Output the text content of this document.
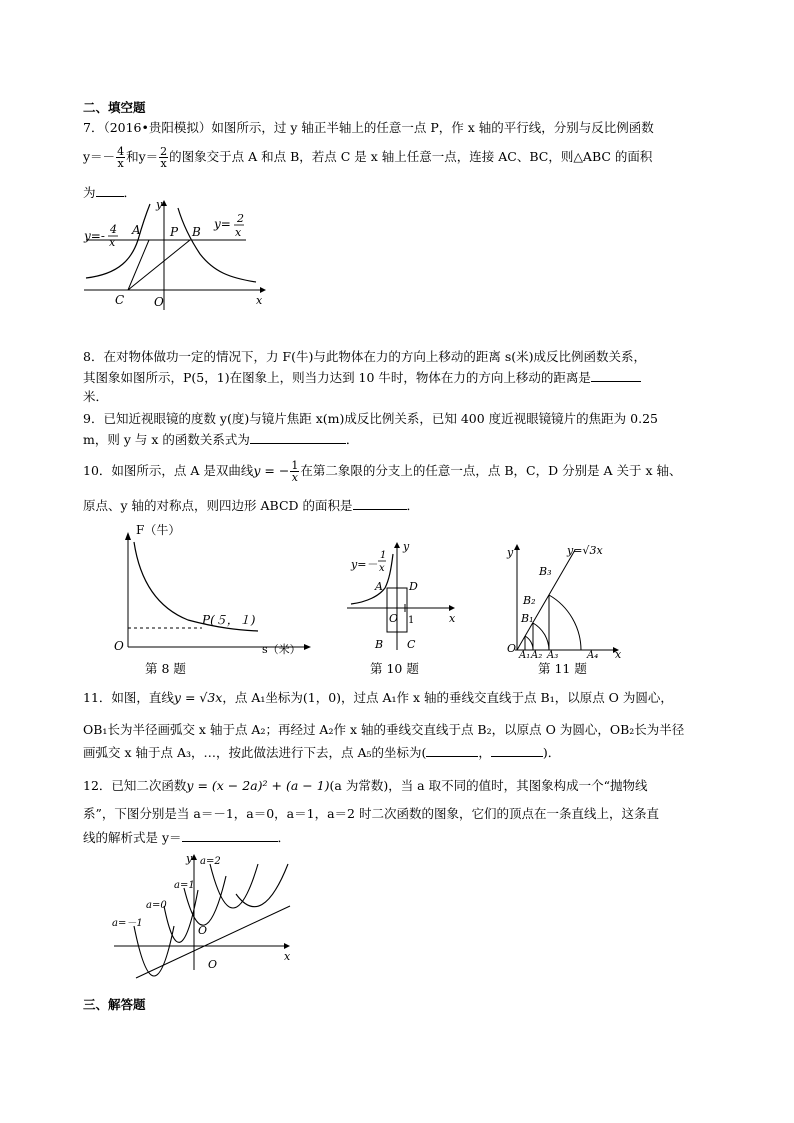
二、填空题
7．（2016•贵阳模拟）如图所示，过 y 轴正半轴上的任意一点 P，作 x 轴的平行线，分别与反比例函数
$y=- \frac{4}{x}$ 和$y= \frac{2}{x}$ 的图象交于点 A 和点 B，若点 C 是 x 轴上任意一点，连接 AC、BC，则△ABC 的面积
为 ．
y=- 4
x
A P B
y= 2
x
C O	x
y
8．在对物体做功一定的情况下，力 F(牛)与此物体在力的方向上移动的距离 s(米)成反比例函数关系，
其图象如图所示，P(5，1)在图象上，则当力达到 10 牛时，物体在力的方向上移动的距离是
米．
9．已知近视眼镜的度数 y(度)与镜片焦距 x(m)成反比例关系，已知 400 度近视眼镜镜片的焦距为 0.25
m，则 y 与 x 的函数关系式为	．
10．如图所示，点 A 是双曲线y = − $\frac{1}{x}$ 在第二象限的分支上的任意一点，点 B，C，D 分别是 A 关于 x 轴、
原点、y 轴的对称点，则四边形 ABCD 的面积是	．
F（牛）
P(５，１)
O	s（米）
第 8 题
y=－
1
x
A D
O 1
B C
x
y
第 10 题
y=√3x
B₃
B₂
B₁
O
A₁ A₂ A₃	A₄ x
y
第 11 题
11．如图，直线y = √3x，点 A₁坐标为(1，0)，过点 A₁作 x 轴的垂线交直线于点 B₁，以原点 O 为圆心，
OB₁长为半径画弧交 x 轴于点 A₂；再经过 A₂作 x 轴的垂线交直线于点 B₂，以原点 O 为圆心，OB₂长为半径
画弧交 x 轴于点 A₃，…，按此做法进行下去，点 A₅的坐标为(	，	)．
12．已知二次函数y = (x − 2a)² + (a − 1)(a 为常数)，当 a 取不同的值时，其图象构成一个“抛物线
系”，下图分别是当 a＝－1，a＝0，a＝1，a＝2 时二次函数的图象，它们的顶点在一条直线上，这条直
线的解析式是 y＝	．
a=－1
a=0
a=1
a=2
O
O
x
y
三、解答题
